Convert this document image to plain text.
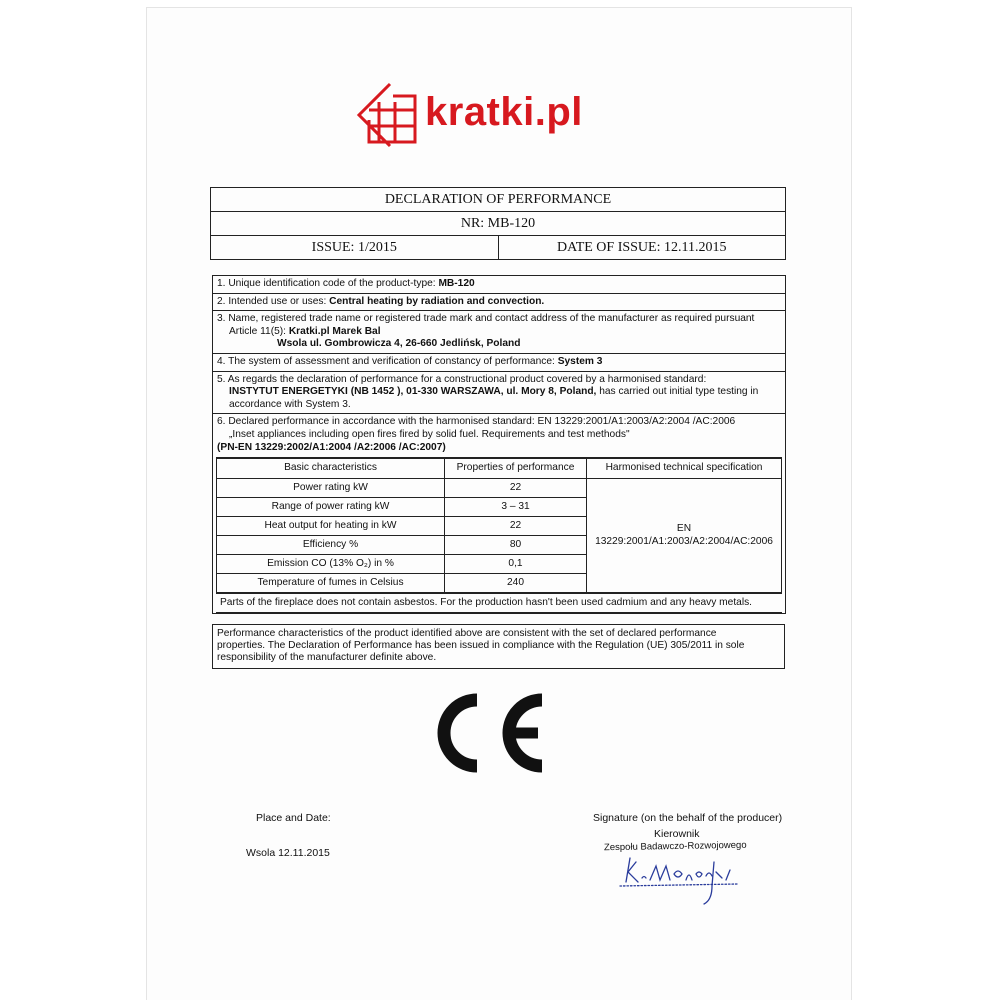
kratki.pl
DECLARATION OF PERFORMANCE
NR: MB-120
ISSUE: 1/2015	DATE OF ISSUE: 12.11.2015
1. Unique identification code of the product-type: MB-120
2. Intended use or uses: Central heating by radiation and convection.
3. Name, registered trade name or registered trade mark and contact address of the manufacturer as required pursuant
Article 11(5): Kratki.pl Marek Bal
Wsola ul. Gombrowicza 4, 26-660 Jedlińsk, Poland
4. The system of assessment and verification of constancy of performance: System 3
5. As regards the declaration of performance for a constructional product covered by a harmonised standard:
INSTYTUT ENERGETYKI (NB 1452 ), 01-330 WARSZAWA, ul. Mory 8, Poland, has carried out initial type testing in
accordance with System 3.
6. Declared performance in accordance with the harmonised standard: EN 13229:2001/A1:2003/A2:2004 /AC:2006
„Inset appliances including open fires fired by solid fuel. Requirements and test methods"
(PN-EN 13229:2002/A1:2004 /A2:2006 /AC:2007)
Basic characteristics	Properties of performance	Harmonised technical specification
Power rating kW	22	EN
13229:2001/A1:2003/A2:2004/AC:2006

Range of power rating kW	3 – 31	
Heat output for heating in kW	22	
Efficiency %	80	
Emission CO (13% O₂) in %	0,1	
Temperature of fumes in Celsius	240	
Parts of the fireplace does not contain asbestos. For the production hasn't been used cadmium and any heavy metals.
Performance characteristics of the product identified above are consistent with the set of declared performance
properties. The Declaration of Performance has been issued in compliance with the Regulation (UE) 305/2011 in sole
responsibility of the manufacturer definite above.
Place and Date:
Wsola 12.11.2015
Signature (on the behalf of the producer)
Kierownik
Zespołu Badawczo-Rozwojowego
